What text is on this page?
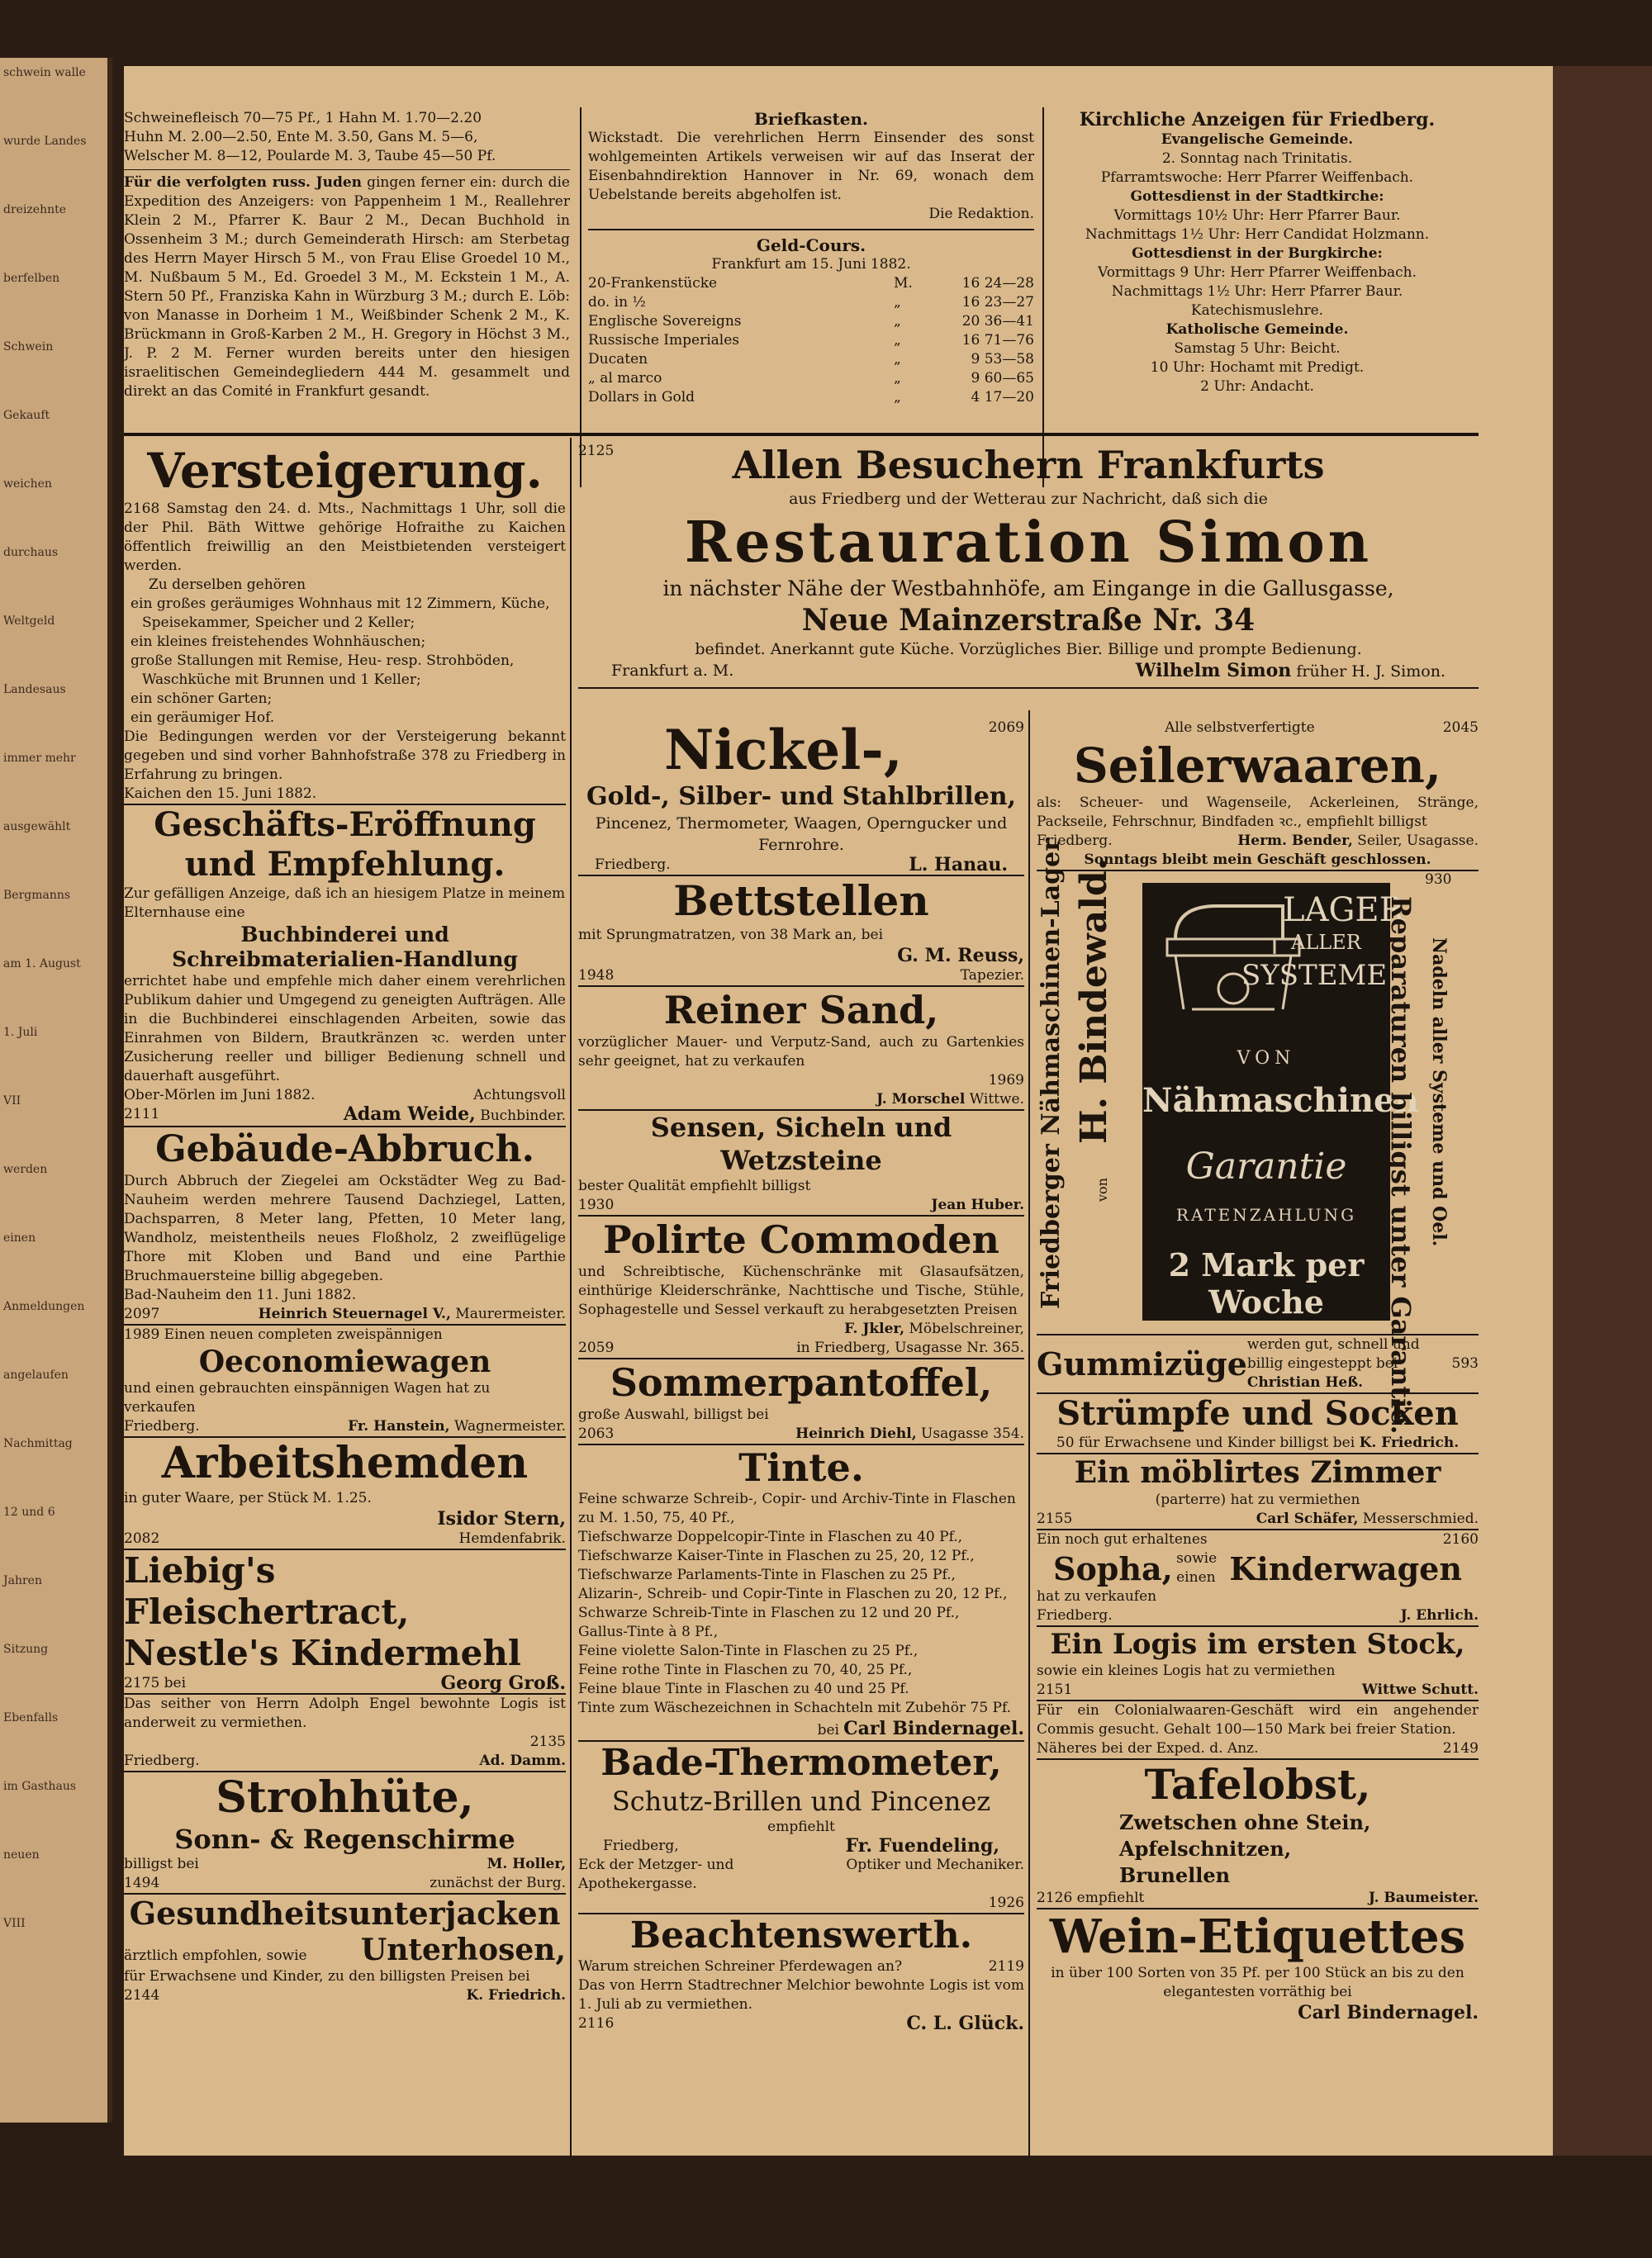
schwein walle
wurde Landes
dreizehnte
berfelben
Schwein
Gekauft
weichen
durchaus
Weltgeld
Landesaus
immer mehr
ausgewählt
Bergmanns
am 1. August
1. Juli
VII
werden
einen
Anmeldungen
angelaufen
Nachmittag
12 und 6
Jahren
Sitzung
Ebenfalls
im Gasthaus
neuen
VIII
Schweinefleisch 70—75 Pf., 1 Hahn M. 1.70—2.20
Huhn M. 2.00—2.50, Ente M. 3.50, Gans M. 5—6,
Welscher M. 8—12, Poularde M. 3, Taube 45—50 Pf.
Für die verfolgten russ. Juden gingen ferner ein: durch die Expedition des Anzeigers: von Pappenheim 1 M., Reallehrer Klein 2 M., Pfarrer K. Baur 2 M., Decan Buchhold in Ossenheim 3 M.; durch Gemeinderath Hirsch: am Sterbetag des Herrn Mayer Hirsch 5 M., von Frau Elise Groedel 10 M., M. Nußbaum 5 M., Ed. Groedel 3 M., M. Eckstein 1 M., A. Stern 50 Pf., Franziska Kahn in Würzburg 3 M.; durch E. Löb: von Manasse in Dorheim 1 M., Weißbinder Schenk 2 M., K. Brückmann in Groß-Karben 2 M., H. Gregory in Höchst 3 M., J. P. 2 M. Ferner wurden bereits unter den hiesigen israelitischen Gemeindegliedern 444 M. gesammelt und direkt an das Comité in Frankfurt gesandt.
Briefkasten.
Wickstadt. Die verehrlichen Herrn Einsender des sonst wohlgemeinten Artikels verweisen wir auf das Inserat der Eisenbahndirektion Hannover in Nr. 69, wonach dem Uebelstande bereits abgeholfen ist.
Die Redaktion.
Geld-Cours.
Frankfurt am 15. Juni 1882.
20-Frankenstücke	M.	16 24—28
do. in ½	„	16 23—27
Englische Sovereigns	„	20 36—41
Russische Imperiales	„	16 71—76
Ducaten	„	9 53—58
„ al marco	„	9 60—65
Dollars in Gold	„	4 17—20
Kirchliche Anzeigen für Friedberg.
Evangelische Gemeinde.
2. Sonntag nach Trinitatis.
Pfarramtswoche: Herr Pfarrer Weiffenbach.
Gottesdienst in der Stadtkirche:
Vormittags 10½ Uhr: Herr Pfarrer Baur.
Nachmittags 1½ Uhr: Herr Candidat Holzmann.
Gottesdienst in der Burgkirche:
Vormittags 9 Uhr: Herr Pfarrer Weiffenbach.
Nachmittags 1½ Uhr: Herr Pfarrer Baur.
Katechismuslehre.
Katholische Gemeinde.
Samstag 5 Uhr: Beicht.
10 Uhr: Hochamt mit Predigt.
2 Uhr: Andacht.
Versteigerung.
2168 Samstag den 24. d. Mts., Nachmittags 1 Uhr, soll die der Phil. Bäth Wittwe gehörige Hofraithe zu Kaichen öffentlich freiwillig an den Meistbietenden versteigert werden.
Zu derselben gehören
ein großes geräumiges Wohnhaus mit 12 Zimmern, Küche, Speisekammer, Speicher und 2 Keller;
ein kleines freistehendes Wohnhäuschen;
große Stallungen mit Remise, Heu- resp. Strohböden, Waschküche mit Brunnen und 1 Keller;
ein schöner Garten;
ein geräumiger Hof.
Die Bedingungen werden vor der Versteigerung bekannt gegeben und sind vorher Bahnhofstraße 378 zu Friedberg in Erfahrung zu bringen.
Kaichen den 15. Juni 1882.
Geschäfts-Eröffnung und Empfehlung.
Zur gefälligen Anzeige, daß ich an hiesigem Platze in meinem Elternhause eine
Buchbinderei und Schreibmaterialien-Handlung
errichtet habe und empfehle mich daher einem verehrlichen Publikum dahier und Umgegend zu geneigten Aufträgen. Alle in die Buchbinderei einschlagenden Arbeiten, sowie das Einrahmen von Bildern, Brautkränzen ꝛc. werden unter Zusicherung reeller und billiger Bedienung schnell und dauerhaft ausgeführt.
Ober-Mörlen im Juni 1882.	Achtungsvoll
2111	Adam Weide, Buchbinder.
Gebäude-Abbruch.
Durch Abbruch der Ziegelei am Ockstädter Weg zu Bad-Nauheim werden mehrere Tausend Dachziegel, Latten, Dachsparren, 8 Meter lang, Pfetten, 10 Meter lang, Wandholz, meistentheils neues Floßholz, 2 zweiflügelige Thore mit Kloben und Band und eine Parthie Bruchmauersteine billig abgegeben.
Bad-Nauheim den 11. Juni 1882.
2097	Heinrich Steuernagel V., Maurermeister.
1989 Einen neuen completen zweispännigen
Oeconomiewagen
und einen gebrauchten einspännigen Wagen hat zu verkaufen
Friedberg.	Fr. Hanstein, Wagnermeister.
Arbeitshemden
in guter Waare, per Stück M. 1.25.
Isidor Stern,
2082	Hemdenfabrik.
Liebig's Fleischertract,
Nestle's Kindermehl
2175 bei	Georg Groß.
Das seither von Herrn Adolph Engel bewohnte Logis ist anderweit zu vermiethen.
2135
Friedberg.	Ad. Damm.
Strohhüte,
Sonn- & Regenschirme
billigst bei	M. Holler,
1494	zunächst der Burg.
Gesundheitsunterjacken
ärztlich empfohlen, sowie Unterhosen,
für Erwachsene und Kinder, zu den billigsten Preisen bei
2144	K. Friedrich.
2125	Allen Besuchern Frankfurts
aus Friedberg und der Wetterau zur Nachricht, daß sich die
Restauration Simon
in nächster Nähe der Westbahnhöfe, am Eingange in die Gallusgasse,
Neue Mainzerstraße Nr. 34
befindet. Anerkannt gute Küche. Vorzügliches Bier. Billige und prompte Bedienung.
Frankfurt a. M.	Wilhelm Simon früher H. J. Simon.
Nickel-,	2069
Gold-, Silber- und Stahlbrillen,
Pincenez, Thermometer, Waagen, Operngucker und Fernrohre.
Friedberg.	L. Hanau.
Bettstellen
mit Sprungmatratzen, von 38 Mark an, bei
G. M. Reuss,
1948	Tapezier.
Reiner Sand,
vorzüglicher Mauer- und Verputz-Sand, auch zu Gartenkies sehr geeignet, hat zu verkaufen
1969
J. Morschel Wittwe.
Sensen, Sicheln und Wetzsteine
bester Qualität empfiehlt billigst
1930	Jean Huber.
Polirte Commoden
und Schreibtische, Küchenschränke mit Glasaufsätzen, einthürige Kleiderschränke, Nachttische und Tische, Stühle, Sophagestelle und Sessel verkauft zu herabgesetzten Preisen
F. Jkler, Möbelschreiner,
2059	in Friedberg, Usagasse Nr. 365.
Sommerpantoffel,
große Auswahl, billigst bei
2063	Heinrich Diehl, Usagasse 354.
Tinte.
Feine schwarze Schreib-, Copir- und Archiv-Tinte in Flaschen zu M. 1.50, 75, 40 Pf.,
Tiefschwarze Doppelcopir-Tinte in Flaschen zu 40 Pf.,
Tiefschwarze Kaiser-Tinte in Flaschen zu 25, 20, 12 Pf.,
Tiefschwarze Parlaments-Tinte in Flaschen zu 25 Pf.,
Alizarin-, Schreib- und Copir-Tinte in Flaschen zu 20, 12 Pf.,
Schwarze Schreib-Tinte in Flaschen zu 12 und 20 Pf.,
Gallus-Tinte à 8 Pf.,
Feine violette Salon-Tinte in Flaschen zu 25 Pf.,
Feine rothe Tinte in Flaschen zu 70, 40, 25 Pf.,
Feine blaue Tinte in Flaschen zu 40 und 25 Pf.
Tinte zum Wäschezeichnen in Schachteln mit Zubehör 75 Pf.
bei Carl Bindernagel.
Bade-Thermometer,
Schutz-Brillen und Pincenez
empfiehlt
Friedberg,	Fr. Fuendeling,
Eck der Metzger- und Apothekergasse.
Optiker und Mechaniker.
1926
Beachtenswerth.
Warum streichen Schreiner Pferdewagen an?	2119
Das von Herrn Stadtrechner Melchior bewohnte Logis ist vom 1. Juli ab zu vermiethen.
2116	C. L. Glück.
Alle selbstverfertigte	2045
Seilerwaaren,
als: Scheuer- und Wagenseile, Ackerleinen, Stränge, Packseile, Fehrschnur, Bindfaden ꝛc., empfiehlt billigst
Friedberg.	Herm. Bender, Seiler, Usagasse.
Sonntags bleibt mein Geschäft geschlossen.
Friedberger Nähmaschinen-Lager von
H. Bindewald.	LAGER
ALLER
SYSTEME
VON
Nähmaschinen
Garantie
RATENZAHLUNG
2 Mark per Woche
930
Reparaturen billigst unter Garantie. Nadeln aller Systeme und Oel.
Gummizüge
werden gut, schnell und billig eingesteppt bei Christian Heß.
593
Strümpfe und Socken
50 für Erwachsene und Kinder billigst bei K. Friedrich.
Ein möblirtes Zimmer
(parterre) hat zu vermiethen
2155	Carl Schäfer, Messerschmied.
Ein noch gut erhaltenes	2160
Sopha, sowie einen Kinderwagen
hat zu verkaufen
Friedberg.	J. Ehrlich.
Ein Logis im ersten Stock,
sowie ein kleines Logis hat zu vermiethen
2151	Wittwe Schutt.
Für ein Colonialwaaren-Geschäft wird ein angehender Commis gesucht. Gehalt 100—150 Mark bei freier Station.
Näheres bei der Exped. d. Anz.	2149
Tafelobst,
Zwetschen ohne Stein,
Apfelschnitzen,
Brunellen
2126 empfiehlt	J. Baumeister.
Wein-Etiquettes
in über 100 Sorten von 35 Pf. per 100 Stück an bis zu den elegantesten vorräthig bei
Carl Bindernagel.
